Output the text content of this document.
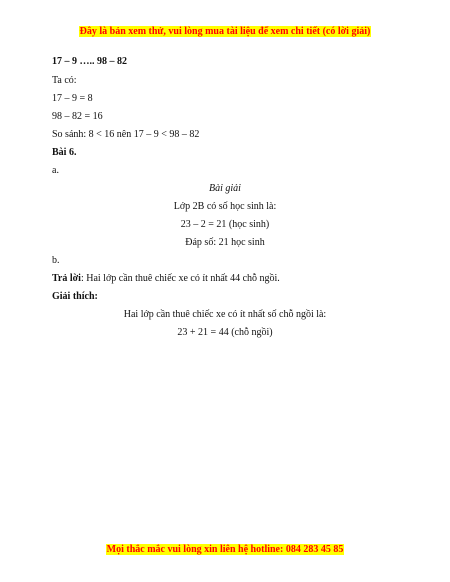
Đây là bản xem thử, vui lòng mua tài liệu để xem chi tiết (có lời giải)
17 – 9 ….. 98 – 82
Ta có:
17 – 9 = 8
98 – 82 = 16
So sánh: 8 < 16 nên 17 – 9 < 98 – 82
Bài 6.
a.
Bài giải
Lớp 2B có số học sinh là:
23 – 2 = 21 (học sinh)
Đáp số: 21 học sinh
b.
Trả lời: Hai lớp cần thuê chiếc xe có ít nhất 44 chỗ ngồi.
Giải thích:
Hai lớp cần thuê chiếc xe có ít nhất số chỗ ngồi là:
23 + 21 = 44 (chỗ ngồi)
Mọi thắc mắc vui lòng xin liên hệ hotline: 084 283 45 85
